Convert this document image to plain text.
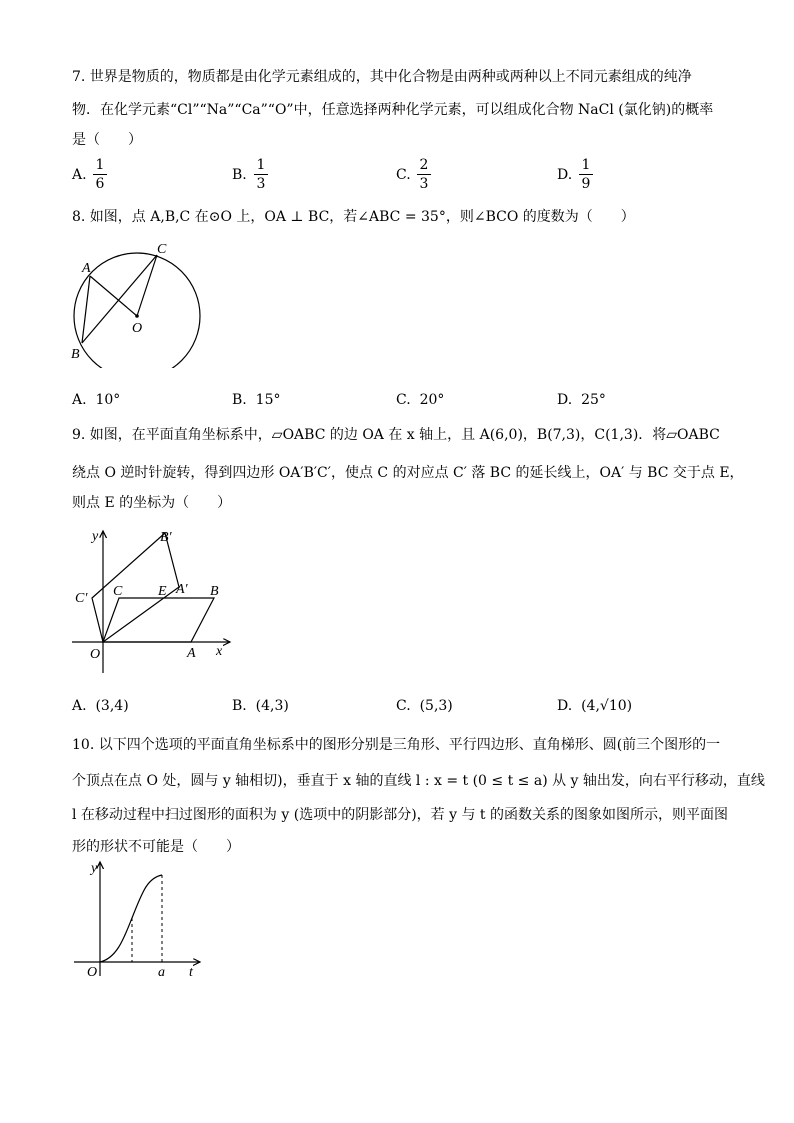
7. 世界是物质的，物质都是由化学元素组成的，其中化合物是由两种或两种以上不同元素组成的纯净
物．在化学元素“Cl”“Na”“Ca”“O”中，任意选择两种化学元素，可以组成化合物 NaCl (氯化钠)的概率
是（　　）
A.
1
6
B.
1
3
C.
2
3
D.
1
9
8. 如图，点 A,B,C 在⊙O 上，OA ⊥ BC，若∠ABC = 35°，则∠BCO 的度数为（　　）
A
B
C
O
A. 10°	B. 15°	C. 20°	D. 25°
9. 如图，在平面直角坐标系中，▱OABC 的边 OA 在 x 轴上，且 A(6,0)，B(7,3)，C(1,3)．将▱OABC
绕点 O 逆时针旋转，得到四边形 OA′B′C′，使点 C 的对应点 C′ 落 BC 的延长线上，OA′ 与 BC 交于点 E，
则点 E 的坐标为（　　）
y
x
O	A
B
C	E A′
B′
C′
A. (3,4)	B. (4,3)	C. (5,3)	D. (4,√10)
10. 以下四个选项的平面直角坐标系中的图形分别是三角形、平行四边形、直角梯形、圆(前三个图形的一
个顶点在点 O 处，圆与 y 轴相切)，垂直于 x 轴的直线 l : x = t (0 ≤ t ≤ a) 从 y 轴出发，向右平行移动，直线
l 在移动过程中扫过图形的面积为 y (选项中的阴影部分)，若 y 与 t 的函数关系的图象如图所示，则平面图
形的形状不可能是（　　）
y
t
O	a
